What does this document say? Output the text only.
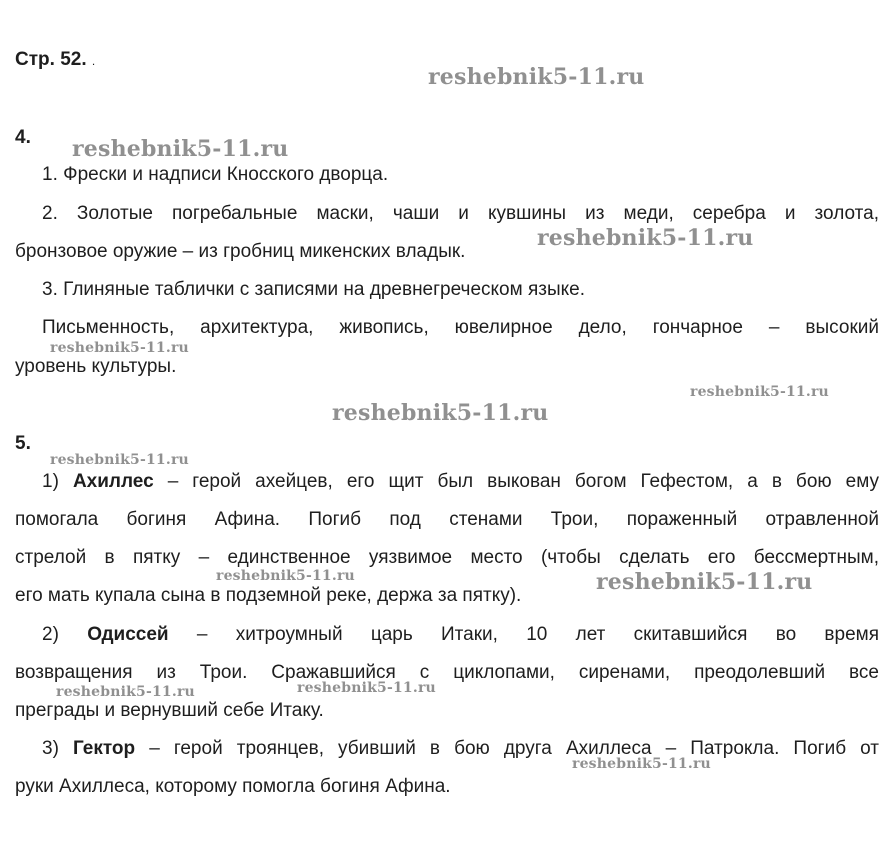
Стр. 52. .
4.
1. Фрески и надписи Кносского дворца.
2. Золотые погребальные маски, чаши и кувшины из меди, серебра и золота,
бронзовое оружие – из гробниц микенских владык.
3. Глиняные таблички с записями на древнегреческом языке.
Письменность, архитектура, живопись, ювелирное дело, гончарное – высокий
уровень культуры.
5.
1) Ахиллес – герой ахейцев, его щит был выкован богом Гефестом, а в бою ему
помогала богиня Афина. Погиб под стенами Трои, пораженный отравленной
стрелой в пятку – единственное уязвимое место (чтобы сделать его бессмертным,
его мать купала сына в подземной реке, держа за пятку).
2) Одиссей – хитроумный царь Итаки, 10 лет скитавшийся во время
возвращения из Трои. Сражавшийся с циклопами, сиренами, преодолевший все
преграды и вернувший себе Итаку.
3) Гектор – герой троянцев, убивший в бою друга Ахиллеса – Патрокла. Погиб от
руки Ахиллеса, которому помогла богиня Афина.
reshebnik5-11.ru
reshebnik5-11.ru
reshebnik5-11.ru
reshebnik5-11.ru
reshebnik5-11.ru
reshebnik5-11.ru
reshebnik5-11.ru
reshebnik5-11.ru	reshebnik5-11.ru
reshebnik5-11.ru	reshebnik5-11.ru
reshebnik5-11.ru
